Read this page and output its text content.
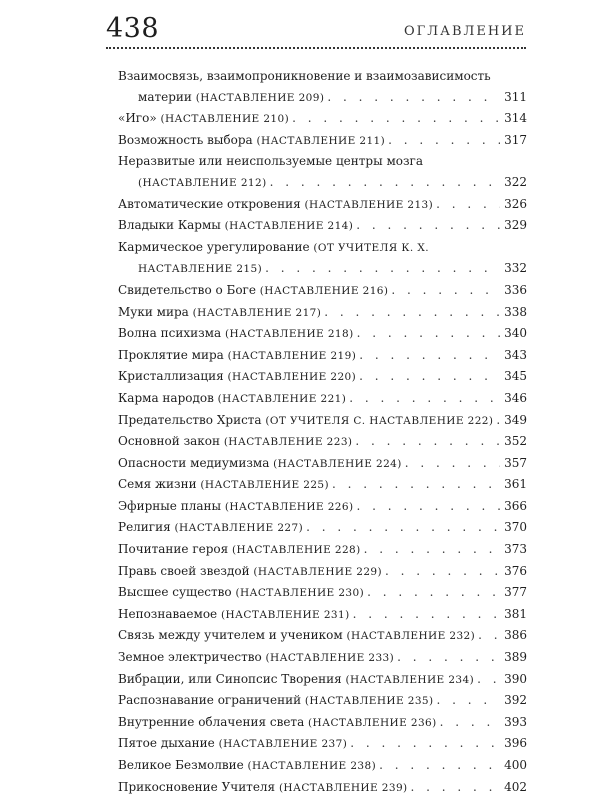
438	ОГЛАВЛЕНИЕ
Взаимосвязь, взаимопроникновение и взаимозависимость
материи (НАСТАВЛЕНИЕ 209) . . .	311
«Иго» (НАСТАВЛЕНИЕ 210) . . .	314
Возможность выбора (НАСТАВЛЕНИЕ 211) . . .	317
Неразвитые или неиспользуемые центры мозга
(НАСТАВЛЕНИЕ 212) . . .	322
Автоматические откровения (НАСТАВЛЕНИЕ 213) . . .	326
Владыки Кармы (НАСТАВЛЕНИЕ 214) . . .	329
Кармическое урегулирование (ОТ УЧИТЕЛЯ К. Х.
НАСТАВЛЕНИЕ 215) . . .	332
Свидетельство о Боге (НАСТАВЛЕНИЕ 216) . . .	336
Муки мира (НАСТАВЛЕНИЕ 217) . . .	338
Волна психизма (НАСТАВЛЕНИЕ 218) . . .	340
Проклятие мира (НАСТАВЛЕНИЕ 219) . . .	343
Кристаллизация (НАСТАВЛЕНИЕ 220) . . .	345
Карма народов (НАСТАВЛЕНИЕ 221) . . .	346
Предательство Христа (ОТ УЧИТЕЛЯ С. НАСТАВЛЕНИЕ 222) . . . 349
Основной закон (НАСТАВЛЕНИЕ 223) . . .	352
Опасности медиумизма (НАСТАВЛЕНИЕ 224) . . .	357
Семя жизни (НАСТАВЛЕНИЕ 225) . . .	361
Эфирные планы (НАСТАВЛЕНИЕ 226) . . .	366
Религия (НАСТАВЛЕНИЕ 227) . . .	370
Почитание героя (НАСТАВЛЕНИЕ 228) . . .	373
Правь своей звездой (НАСТАВЛЕНИЕ 229) . . .	376
Высшее существо (НАСТАВЛЕНИЕ 230) . . .	377
Непознаваемое (НАСТАВЛЕНИЕ 231) . . .	381
Связь между учителем и учеником (НАСТАВЛЕНИЕ 232) . . . 386
Земное электричество (НАСТАВЛЕНИЕ 233) . . .	389
Вибрации, или Синопсис Творения (НАСТАВЛЕНИЕ 234) . . .	390
Распознавание ограничений (НАСТАВЛЕНИЕ 235) . . .	392
Внутренние облачения света (НАСТАВЛЕНИЕ 236) . . .	393
Пятое дыхание (НАСТАВЛЕНИЕ 237) . . .	396
Великое Безмолвие (НАСТАВЛЕНИЕ 238) . . .	400
Прикосновение Учителя (НАСТАВЛЕНИЕ 239) . . .	402
